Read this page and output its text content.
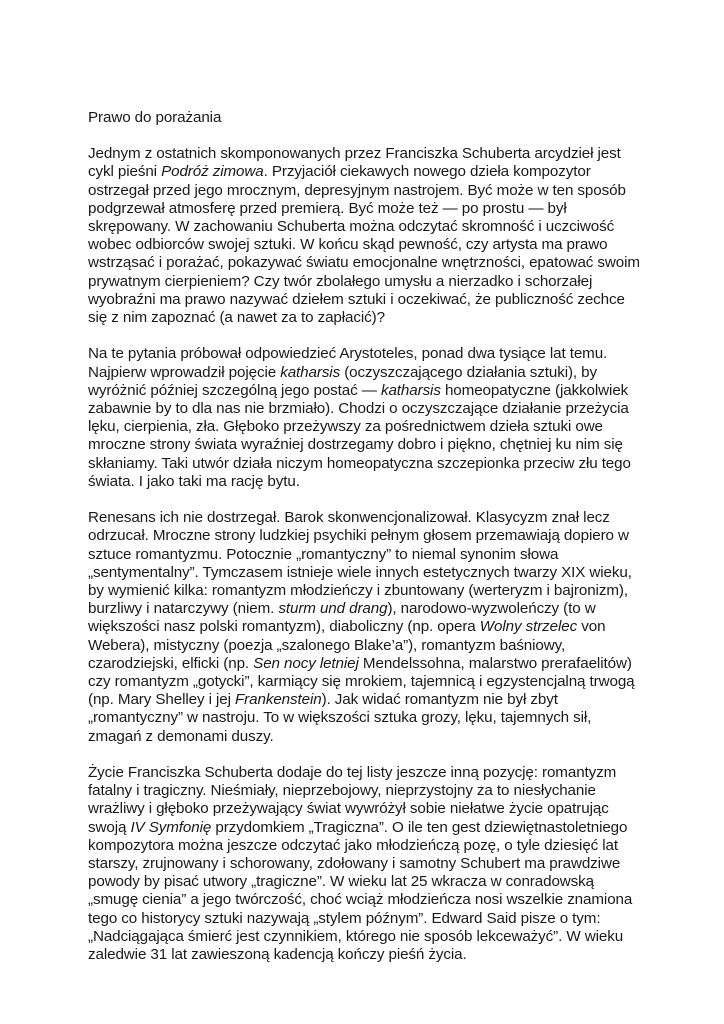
Prawo do porażania

Jednym z ostatnich skomponowanych przez Franciszka Schuberta arcydzieł jest cykl pieśni Podróż zimowa. Przyjaciół ciekawych nowego dzieła kompozytor ostrzegał przed jego mrocznym, depresyjnym nastrojem. Być może w ten sposób podgrzewał atmosferę przed premierą. Być może też — po prostu — był skrępowany. W zachowaniu Schuberta można odczytać skromność i uczciwość wobec odbiorców swojej sztuki. W końcu skąd pewność, czy artysta ma prawo wstrząsać i porażać, pokazywać światu emocjonalne wnętrzności, epatować swoim prywatnym cierpieniem? Czy twór zbolałego umysłu a nierzadko i schorzałej wyobraźni ma prawo nazywać dziełem sztuki i oczekiwać, że publiczność zechce się z nim zapoznać (a nawet za to zapłacić)?

Na te pytania próbował odpowiedzieć Arystoteles, ponad dwa tysiące lat temu. Najpierw wprowadził pojęcie katharsis (oczyszczającego działania sztuki), by wyróżnić później szczególną jego postać — katharsis homeopatyczne (jakkolwiek zabawnie by to dla nas nie brzmiało). Chodzi o oczyszczające działanie przeżycia lęku, cierpienia, zła. Głęboko przeżywszy za pośrednictwem dzieła sztuki owe mroczne strony świata wyraźniej dostrzegamy dobro i piękno, chętniej ku nim się skłaniamy. Taki utwór działa niczym homeopatyczna szczepionka przeciw złu tego świata. I jako taki ma rację bytu.

Renesans ich nie dostrzegał. Barok skonwencjonalizował. Klasycyzm znał lecz odrzucał. Mroczne strony ludzkiej psychiki pełnym głosem przemawiają dopiero w sztuce romantyzmu. Potocznie „romantyczny” to niemal synonim słowa „sentymentalny”. Tymczasem istnieje wiele innych estetycznych twarzy XIX wieku, by wymienić kilka: romantyzm młodzieńczy i zbuntowany (werteryzm i bajronizm), burzliwy i natarczywy (niem. sturm und drang), narodowo-wyzwoleńczy (to w większości nasz polski romantyzm), diaboliczny (np. opera Wolny strzelec von Webera), mistyczny (poezja „szalonego Blake’a”), romantyzm baśniowy, czarodziejski, elficki (np. Sen nocy letniej Mendelssohna, malarstwo prerafaelitów) czy romantyzm „gotycki”, karmiący się mrokiem, tajemnicą i egzystencjalną trwogą (np. Mary Shelley i jej Frankenstein). Jak widać romantyzm nie był zbyt „romantyczny” w nastroju. To w większości sztuka grozy, lęku, tajemnych sił, zmagań z demonami duszy.

Życie Franciszka Schuberta dodaje do tej listy jeszcze inną pozycję: romantyzm fatalny i tragiczny. Nieśmiały, nieprzebojowy, nieprzystojny za to niesłychanie wrażliwy i głęboko przeżywający świat wywróżył sobie niełatwe życie opatrując swoją IV Symfonię przydomkiem „Tragiczna”. O ile ten gest dziewiętnastoletniego kompozytora można jeszcze odczytać jako młodzieńczą pozę, o tyle dziesięć lat starszy, zrujnowany i schorowany, zdołowany i samotny Schubert ma prawdziwe powody by pisać utwory „tragiczne”. W wieku lat 25 wkracza w conradowską „smugę cienia” a jego twórczość, choć wciąż młodzieńcza nosi wszelkie znamiona tego co historycy sztuki nazywają „stylem późnym”. Edward Said pisze o tym: „Nadciągająca śmierć jest czynnikiem, którego nie sposób lekceważyć”. W wieku zaledwie 31 lat zawieszoną kadencją kończy pieśń życia.
